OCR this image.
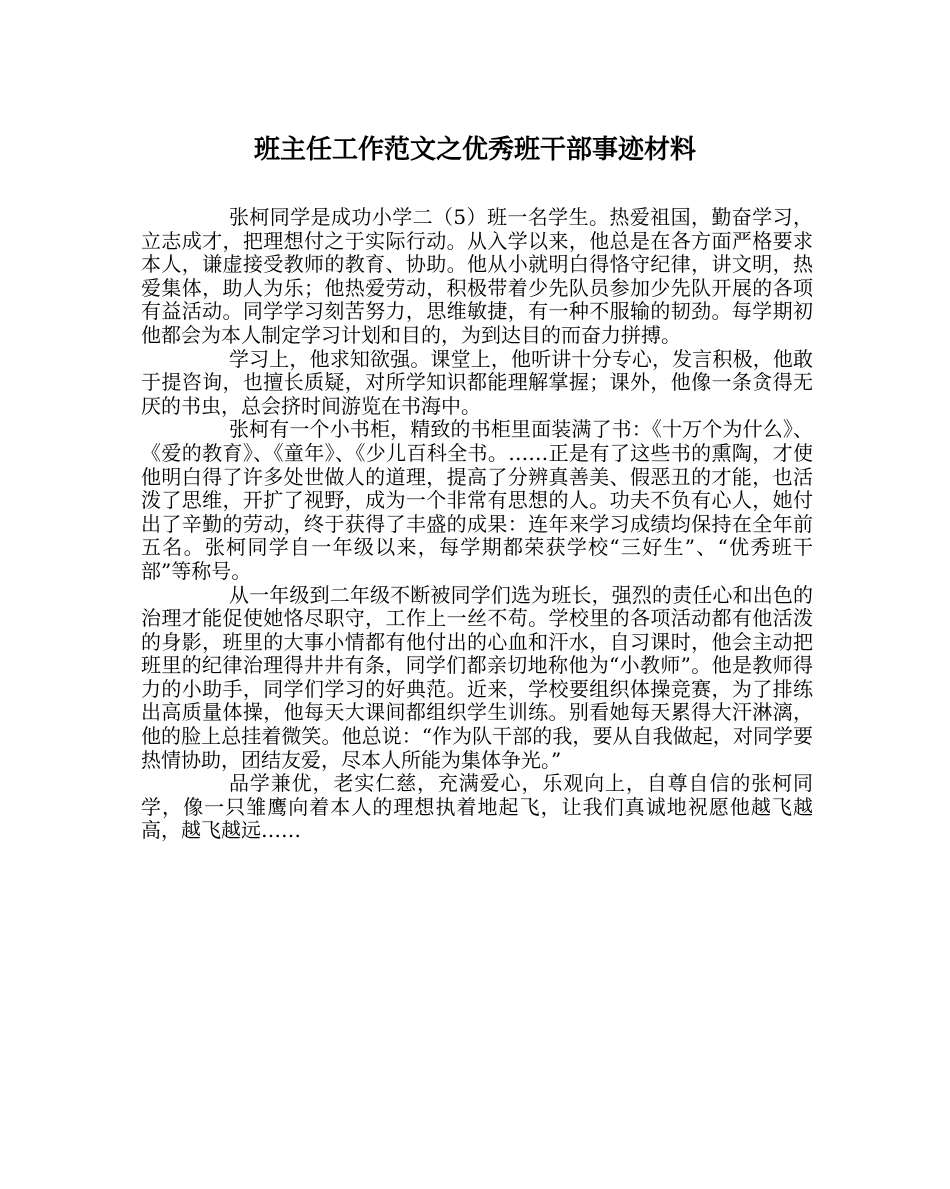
班主任工作范文之优秀班干部事迹材料

张柯同学是成功小学二（5）班一名学生。热爱祖国，勤奋学习，立志成才，把理想付之于实际行动。从入学以来，他总是在各方面严格要求本人，谦虚接受教师的教育、协助。他从小就明白得恪守纪律，讲文明，热爱集体，助人为乐；他热爱劳动，积极带着少先队员参加少先队开展的各项有益活动。同学学习刻苦努力，思维敏捷，有一种不服输的韧劲。每学期初他都会为本人制定学习计划和目的，为到达目的而奋力拼搏。

学习上，他求知欲强。课堂上，他听讲十分专心，发言积极，他敢于提咨询，也擅长质疑，对所学知识都能理解掌握；课外，他像一条贪得无厌的书虫，总会挤时间游览在书海中。

张柯有一个小书柜，精致的书柜里面装满了书：《十万个为什么》、《爱的教育》、《童年》、《少儿百科全书。……正是有了这些书的熏陶，才使他明白得了许多处世做人的道理，提高了分辨真善美、假恶丑的才能，也活泼了思维，开扩了视野，成为一个非常有思想的人。功夫不负有心人，她付出了辛勤的劳动，终于获得了丰盛的成果：连年来学习成绩均保持在全年前五名。张柯同学自一年级以来，每学期都荣获学校“三好生”、“优秀班干部”等称号。

从一年级到二年级不断被同学们选为班长，强烈的责任心和出色的治理才能促使她恪尽职守，工作上一丝不苟。学校里的各项活动都有他活泼的身影，班里的大事小情都有他付出的心血和汗水，自习课时，他会主动把班里的纪律治理得井井有条，同学们都亲切地称他为“小教师”。他是教师得力的小助手，同学们学习的好典范。近来，学校要组织体操竞赛，为了排练出高质量体操，他每天大课间都组织学生训练。别看她每天累得大汗淋漓，他的脸上总挂着微笑。他总说：“作为队干部的我，要从自我做起，对同学要热情协助，团结友爱，尽本人所能为集体争光。”

品学兼优，老实仁慈，充满爱心，乐观向上，自尊自信的张柯同学，像一只雏鹰向着本人的理想执着地起飞，让我们真诚地祝愿他越飞越高，越飞越远……
